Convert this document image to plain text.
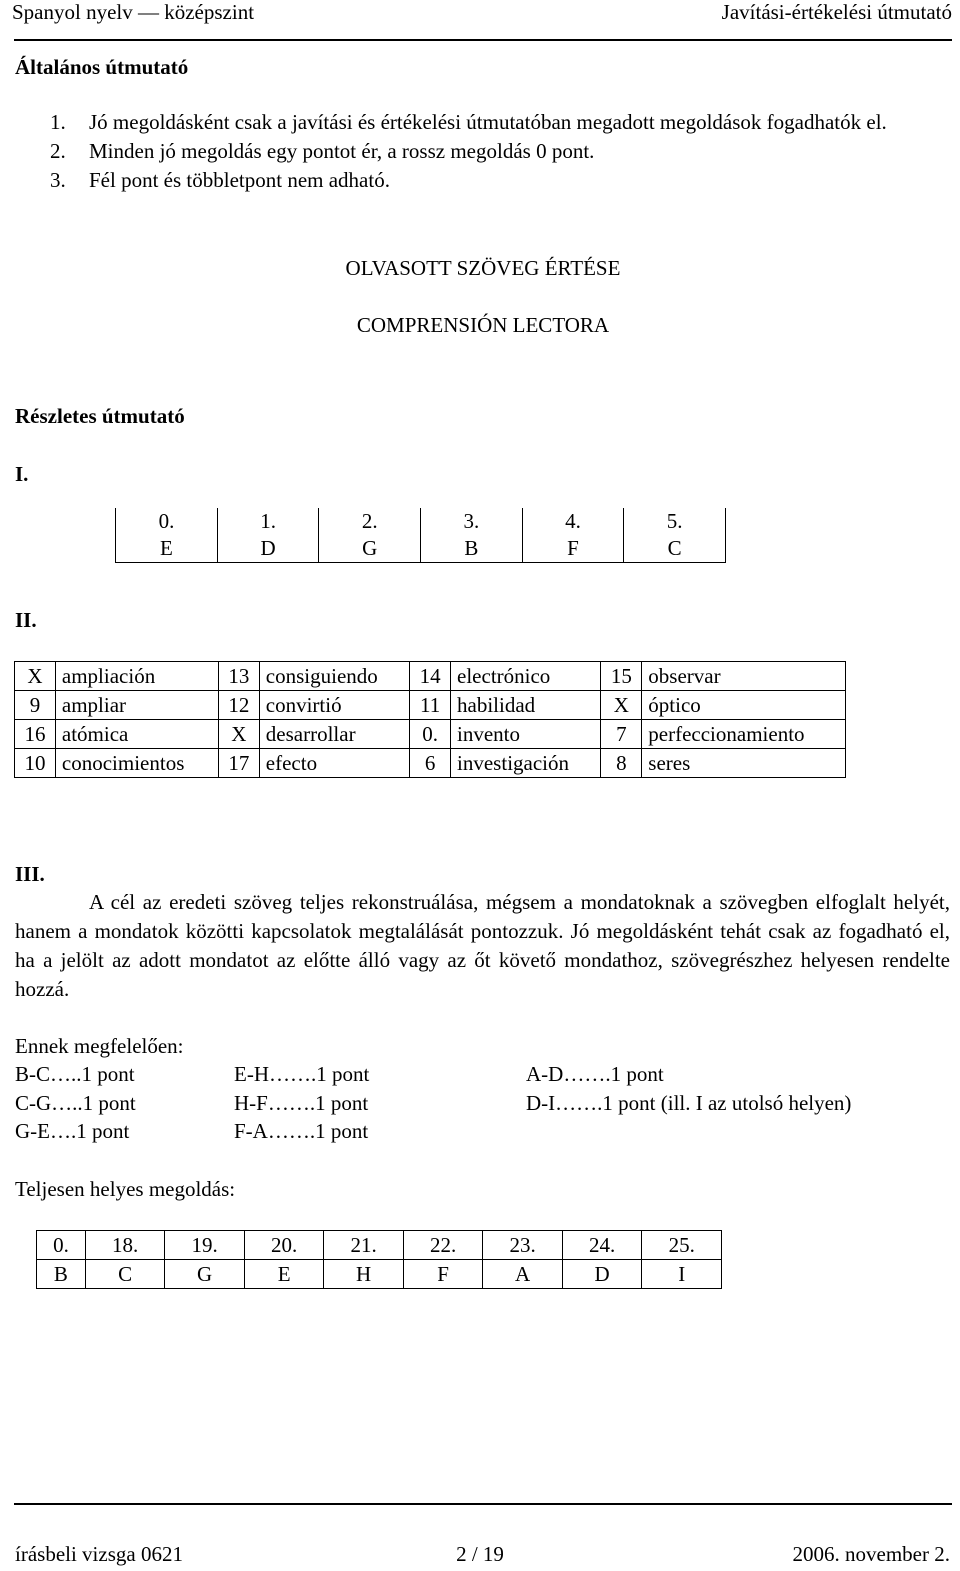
Spanyol nyelv — középszint	Javítási-értékelési útmutató
Általános útmutató
1. Jó megoldásként csak a javítási és értékelési útmutatóban megadott megoldások fogadhatók el.
2. Minden jó megoldás egy pontot ér, a rossz megoldás 0 pont.
3. Fél pont és többletpont nem adható.
OLVASOTT SZÖVEG ÉRTÉSE
COMPRENSIÓN LECTORA
Részletes útmutató
I.
	0.	1.	2.	3.	4.	5.
	E	D	G	B	F	C
II.
X	ampliación	13	consiguiendo	14	electrónico	15	observar
9	ampliar	12	convirtió	11	habilidad	X	óptico
16	atómica	X	desarrollar	0.	invento	7	perfeccionamiento
10	conocimientos	17	efecto	6	investigación	8	seres
III.
A cél az eredeti szöveg teljes rekonstruálása, mégsem a mondatoknak a szövegben elfoglalt helyét, hanem a mondatok közötti kapcsolatok megtalálását pontozzuk. Jó megoldásként tehát csak az fogadható el, ha a jelölt az adott mondatot az előtte álló vagy az őt követő mondathoz, szövegrészhez helyesen rendelte hozzá.
Ennek megfelelően:
B-C…..1 pont	E-H…….1 pont	A-D…….1 pont
C-G…..1 pont	H-F…….1 pont	D-I…….1 pont (ill. I az utolsó helyen)
G-E….1 pont	F-A…….1 pont
Teljesen helyes megoldás:
0.	18.	19.	20.	21.	22.	23.	24.	25.
B	C	G	E	H	F	A	D	I
írásbeli vizsga 0621	2 / 19	2006. november 2.
